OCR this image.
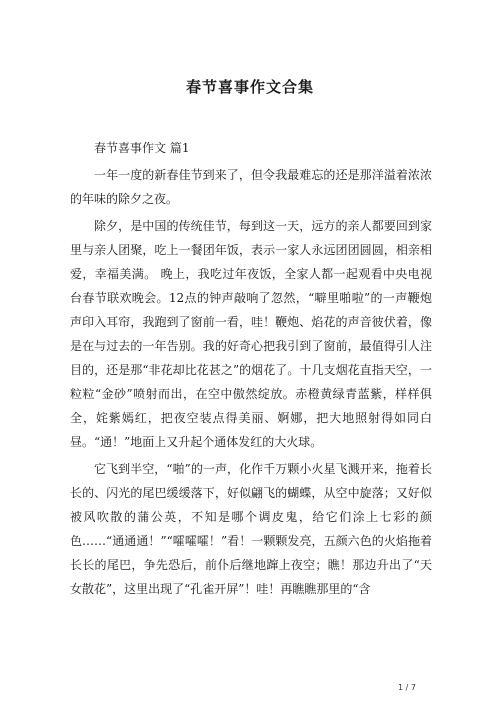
春节喜事作文合集

春节喜事作文 篇1

一年一度的新春佳节到来了，但令我最难忘的还是那洋溢着浓浓的年味的除夕之夜。

除夕，是中国的传统佳节，每到这一天，远方的亲人都要回到家里与亲人团聚，吃上一餐团年饭，表示一家人永远团团圆圆，相亲相爱，幸福美满。 晚上，我吃过年夜饭，全家人都一起观看中央电视台春节联欢晚会。12点的钟声敲响了忽然，“噼里啪啦”的一声鞭炮声印入耳帘，我跑到了窗前一看，哇！鞭炮、焰花的声音彼伏着，像是在与过去的一年告别。我的好奇心把我引到了窗前，最值得引人注目的，还是那“非花却比花甚之”的烟花了。十几支烟花直指天空，一粒粒“金砂”喷射而出，在空中傲然绽放。赤橙黄绿青蓝紫，样样俱全，姹紫嫣红，把夜空装点得美丽、婀娜，把大地照射得如同白昼。“通！”地面上又升起个通体发红的大火球。

它飞到半空，“啪”的一声，化作千万颗小火星飞溅开来，拖着长长的、闪光的尾巴缓缓落下，好似翩飞的蝴蝶，从空中旋落；又好似被风吹散的蒲公英，不知是哪个调皮鬼，给它们涂上七彩的颜色……“通通通！”“嚯嚯嚯！”看！一颗颗发亮，五颜六色的火焰拖着长长的尾巴，争先恐后，前仆后继地蹿上夜空；瞧！那边升出了“天女散花”，这里出现了“孔雀开屏”！哇！再瞧瞧那里的“含

1 / 7
